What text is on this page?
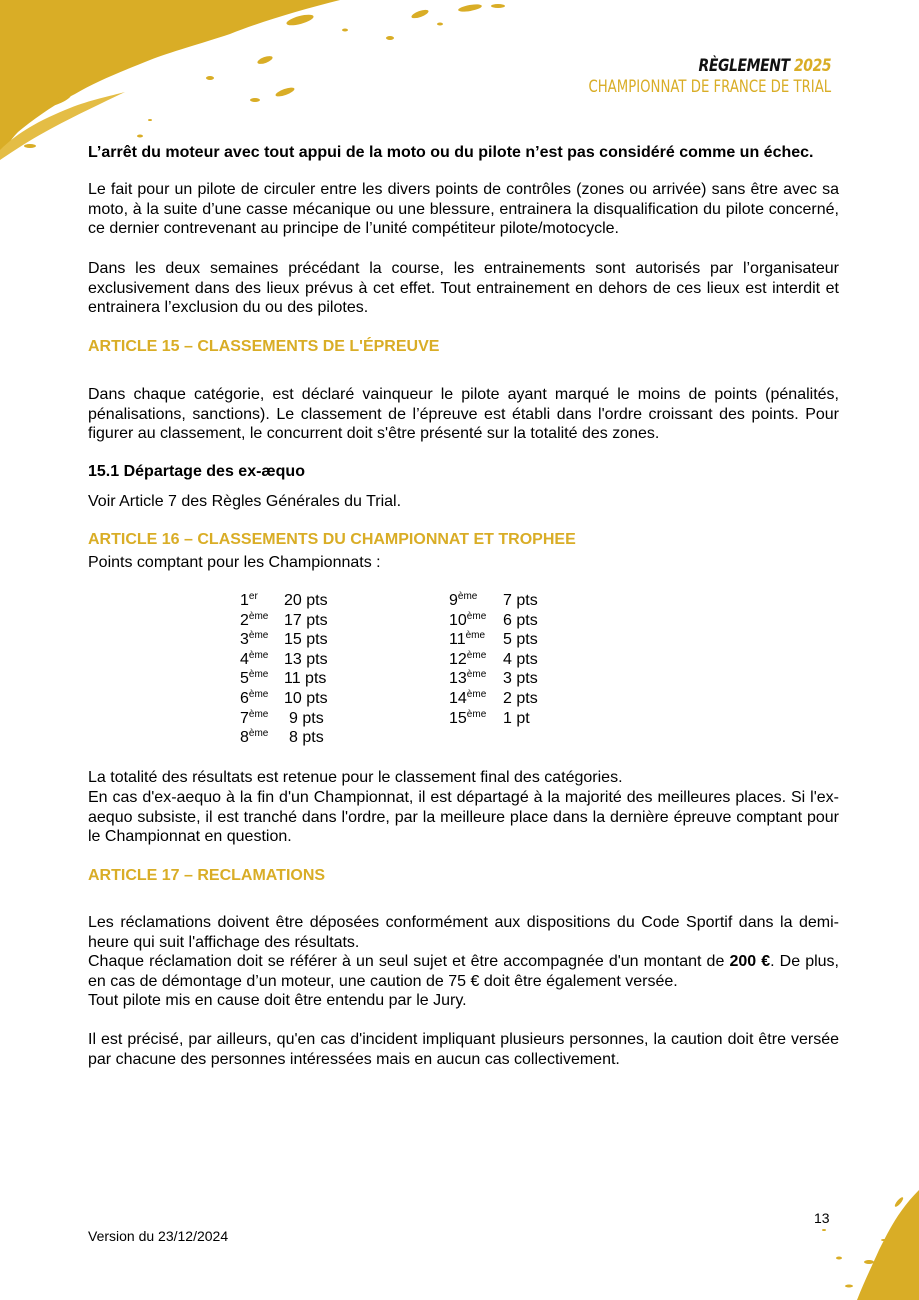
RÈGLEMENT 2025
CHAMPIONNAT DE FRANCE DE TRIAL

L’arrêt du moteur avec tout appui de la moto ou du pilote n’est pas considéré comme un échec.

Le fait pour un pilote de circuler entre les divers points de contrôles (zones ou arrivée) sans être avec sa moto, à la suite d’une casse mécanique ou une blessure, entrainera la disqualification du pilote concerné, ce dernier contrevenant au principe de l’unité compétiteur pilote/motocycle.

Dans les deux semaines précédant la course, les entrainements sont autorisés par l’organisateur exclusivement dans des lieux prévus à cet effet. Tout entrainement en dehors de ces lieux est interdit et entrainera l’exclusion du ou des pilotes.

ARTICLE 15 – CLASSEMENTS DE L'ÉPREUVE

Dans chaque catégorie, est déclaré vainqueur le pilote ayant marqué le moins de points (pénalités, pénalisations, sanctions). Le classement de l’épreuve est établi dans l'ordre croissant des points. Pour figurer au classement, le concurrent doit s'être présenté sur la totalité des zones.

15.1 Départage des ex-æquo

Voir Article 7 des Règles Générales du Trial.

ARTICLE 16 – CLASSEMENTS DU CHAMPIONNAT ET TROPHEE

Points comptant pour les Championnats :

1er 20 pts
2ème 17 pts
3ème 15 pts
4ème 13 pts
5ème 11 pts
6ème 10 pts
7ème 9 pts
8ème 8 pts
9ème 7 pts
10ème 6 pts
11ème 5 pts
12ème 4 pts
13ème 3 pts
14ème 2 pts
15ème 1 pt

La totalité des résultats est retenue pour le classement final des catégories.

En cas d'ex-aequo à la fin d'un Championnat, il est départagé à la majorité des meilleures places. Si l'ex-aequo subsiste, il est tranché dans l'ordre, par la meilleure place dans la dernière épreuve comptant pour le Championnat en question.

ARTICLE 17 – RECLAMATIONS

Les réclamations doivent être déposées conformément aux dispositions du Code Sportif dans la demi-heure qui suit l'affichage des résultats.

Chaque réclamation doit se référer à un seul sujet et être accompagnée d'un montant de 200 €. De plus, en cas de démontage d’un moteur, une caution de 75 € doit être également versée.

Tout pilote mis en cause doit être entendu par le Jury.

Il est précisé, par ailleurs, qu'en cas d'incident impliquant plusieurs personnes, la caution doit être versée par chacune des personnes intéressées mais en aucun cas collectivement.

Version du 23/12/2024
13
